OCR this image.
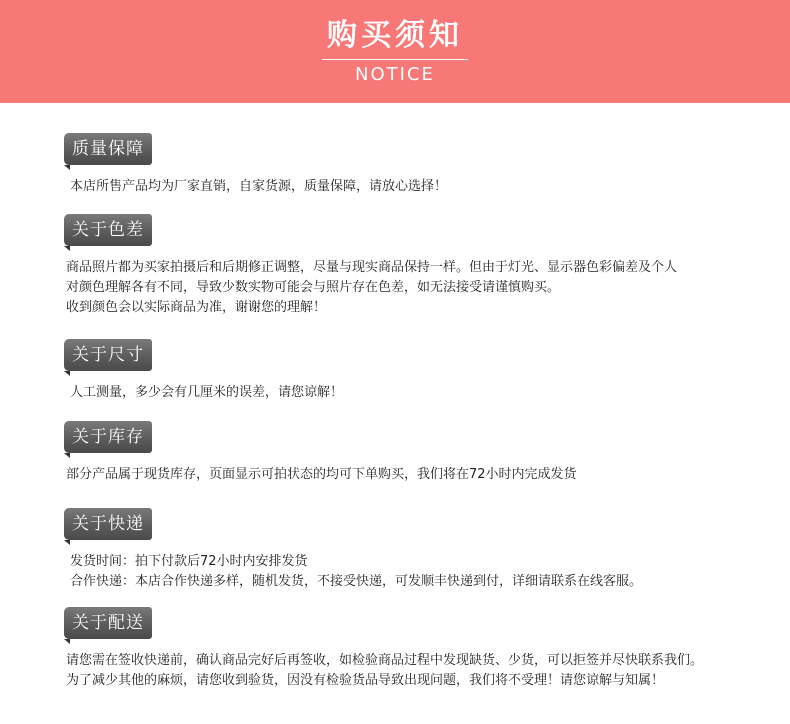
购买须知
NOTICE
质量保障
本店所售产品均为厂家直销，自家货源，质量保障，请放心选择！
关于色差
商品照片都为买家拍摄后和后期修正调整，尽量与现实商品保持一样。但由于灯光、显示器色彩偏差及个人
对颜色理解各有不同，导致少数实物可能会与照片存在色差，如无法接受请谨慎购买。
收到颜色会以实际商品为准，谢谢您的理解！
关于尺寸
人工测量，多少会有几厘米的误差，请您谅解！
关于库存
部分产品属于现货库存，页面显示可拍状态的均可下单购买，我们将在72小时内完成发货
关于快递
发货时间：拍下付款后72小时内安排发货
合作快递：本店合作快递多样，随机发货，不接受快递，可发顺丰快递到付，详细请联系在线客服。
关于配送
请您需在签收快递前，确认商品完好后再签收，如检验商品过程中发现缺货、少货，可以拒签并尽快联系我们。
为了减少其他的麻烦，请您收到验货，因没有检验货品导致出现问题，我们将不受理！请您谅解与知属！
